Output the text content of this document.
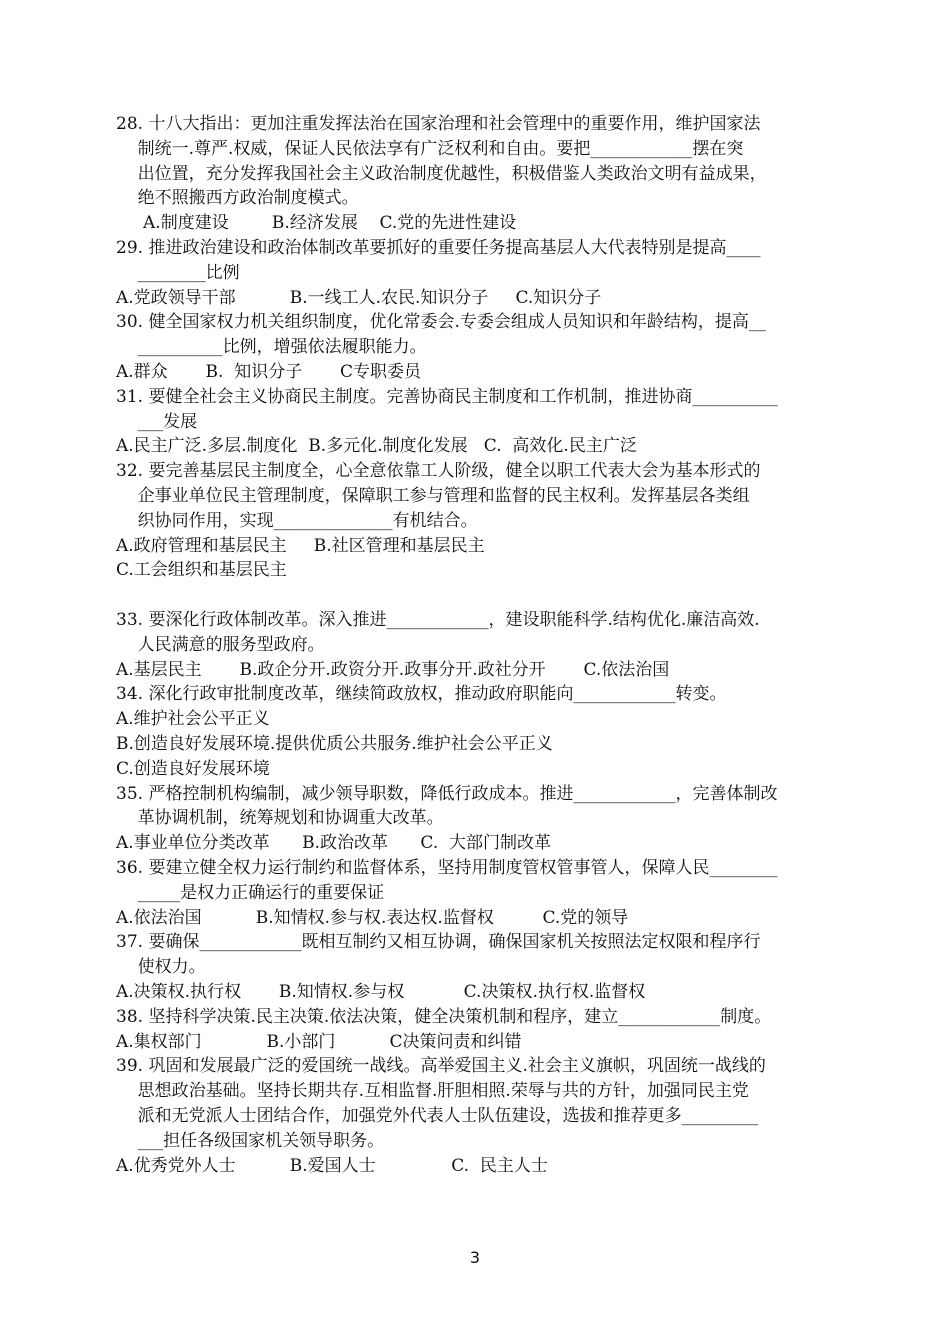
28. 十八大指出：更加注重发挥法治在国家治理和社会管理中的重要作用，维护国家法
制统一.尊严.权威，保证人民依法享有广泛权利和自由。要把____________摆在突
出位置，充分发挥我国社会主义政治制度优越性，积极借鉴人类政治文明有益成果，
绝不照搬西方政治制度模式。
A.制度建设        B.经济发展    C.党的先进性建设
29. 推进政治建设和政治体制改革要抓好的重要任务提高基层人大代表特别是提高____
________比例
A.党政领导干部          B.一线工人.农民.知识分子     C.知识分子
30. 健全国家权力机关组织制度，优化常委会.专委会组成人员知识和年龄结构，提高__
__________比例，增强依法履职能力。
A.群众       B.  知识分子       C专职委员
31. 要健全社会主义协商民主制度。完善协商民主制度和工作机制，推进协商__________
___发展
A.民主广泛.多层.制度化  B.多元化.制度化发展   C.  高效化.民主广泛
32. 要完善基层民主制度全，心全意依靠工人阶级，健全以职工代表大会为基本形式的
企事业单位民主管理制度，保障职工参与管理和监督的民主权利。发挥基层各类组
织协同作用，实现______________有机结合。
A.政府管理和基层民主     B.社区管理和基层民主
C.工会组织和基层民主
33. 要深化行政体制改革。深入推进____________，建设职能科学.结构优化.廉洁高效.
人民满意的服务型政府。
A.基层民主       B.政企分开.政资分开.政事分开.政社分开       C.依法治国
34. 深化行政审批制度改革，继续简政放权，推动政府职能向____________转变。
A.维护社会公平正义
B.创造良好发展环境.提供优质公共服务.维护社会公平正义
C.创造良好发展环境
35. 严格控制机构编制，减少领导职数，降低行政成本。推进____________，完善体制改
革协调机制，统筹规划和协调重大改革。
A.事业单位分类改革      B.政治改革      C.  大部门制改革
36. 要建立健全权力运行制约和监督体系，坚持用制度管权管事管人，保障人民________
_____是权力正确运行的重要保证
A.依法治国          B.知情权.参与权.表达权.监督权         C.党的领导
37. 要确保____________既相互制约又相互协调，确保国家机关按照法定权限和程序行
使权力。
A.决策权.执行权       B.知情权.参与权           C.决策权.执行权.监督权
38. 坚持科学决策.民主决策.依法决策，健全决策机制和程序，建立____________制度。
A.集权部门            B.小部门          C决策问责和纠错
39. 巩固和发展最广泛的爱国统一战线。高举爱国主义.社会主义旗帜，巩固统一战线的
思想政治基础。坚持长期共存.互相监督.肝胆相照.荣辱与共的方针，加强同民主党
派和无党派人士团结合作，加强党外代表人士队伍建设，选拔和推荐更多_________
___担任各级国家机关领导职务。
A.优秀党外人士          B.爱国人士              C.  民主人士
3
